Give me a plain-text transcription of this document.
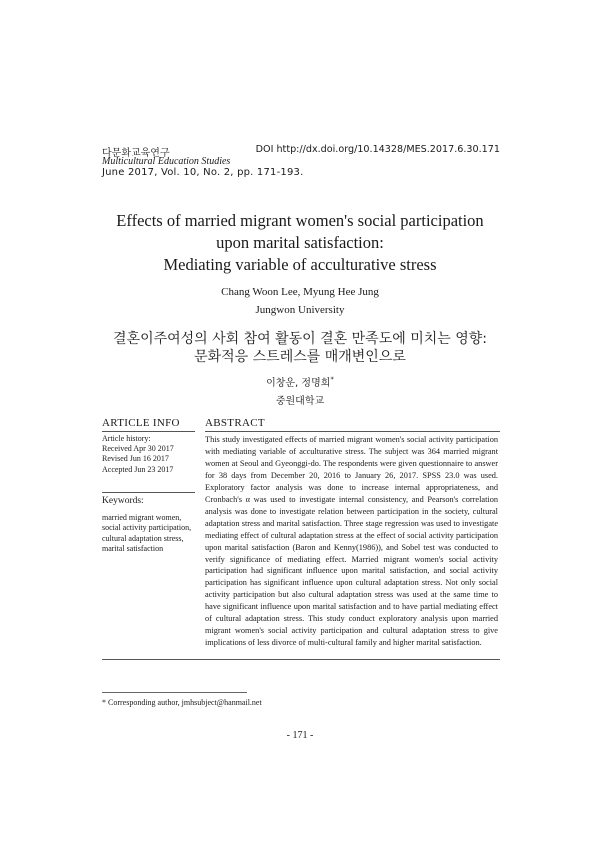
다문화교육연구
Multicultural Education Studies
June 2017, Vol. 10, No. 2, pp. 171-193.
DOI http://dx.doi.org/10.14328/MES.2017.6.30.171
Effects of married migrant women's social participation
upon marital satisfaction:
Mediating variable of acculturative stress
Chang Woon Lee, Myung Hee Jung
Jungwon University
결혼이주여성의 사회 참여 활동이 결혼 만족도에 미치는 영향:
문화적응 스트레스를 매개변인으로
이창운, 정명희*
중원대학교
ARTICLE INFO ABSTRACT
Article history:
Received Apr 30 2017
Revised Jun 16 2017
Accepted Jun 23 2017
Keywords:
married migrant women,
social activity participation,
cultural adaptation stress,
marital satisfaction
This study investigated effects of married migrant women's social activity participation with mediating variable of acculturative stress. The subject was 364 married migrant women at Seoul and Gyeonggi-do. The respondents were given questionnaire to answer for 38 days from December 20, 2016 to January 26, 2017. SPSS 23.0 was used. Exploratory factor analysis was done to increase internal appropriateness, and Cronbach's α was used to investigate internal consistency, and Pearson's correlation analysis was done to investigate relation between participation in the society, cultural adaptation stress and marital satisfaction. Three stage regression was used to investigate mediating effect of cultural adaptation stress at the effect of social activity participation upon marital satisfaction (Baron and Kenny(1986)), and Sobel test was conducted to verify significance of mediating effect. Married migrant women's social activity participation had significant influence upon marital satisfaction, and social activity participation has significant influence upon cultural adaptation stress. Not only social activity participation but also cultural adaptation stress was used at the same time to have significant influence upon marital satisfaction and to have partial mediating effect of cultural adaptation stress. This study conduct exploratory analysis upon married migrant women's social activity participation and cultural adaptation stress to give implications of less divorce of multi-cultural family and higher marital satisfaction.
* Corresponding author, jmhsubject@hanmail.net
- 171 -
